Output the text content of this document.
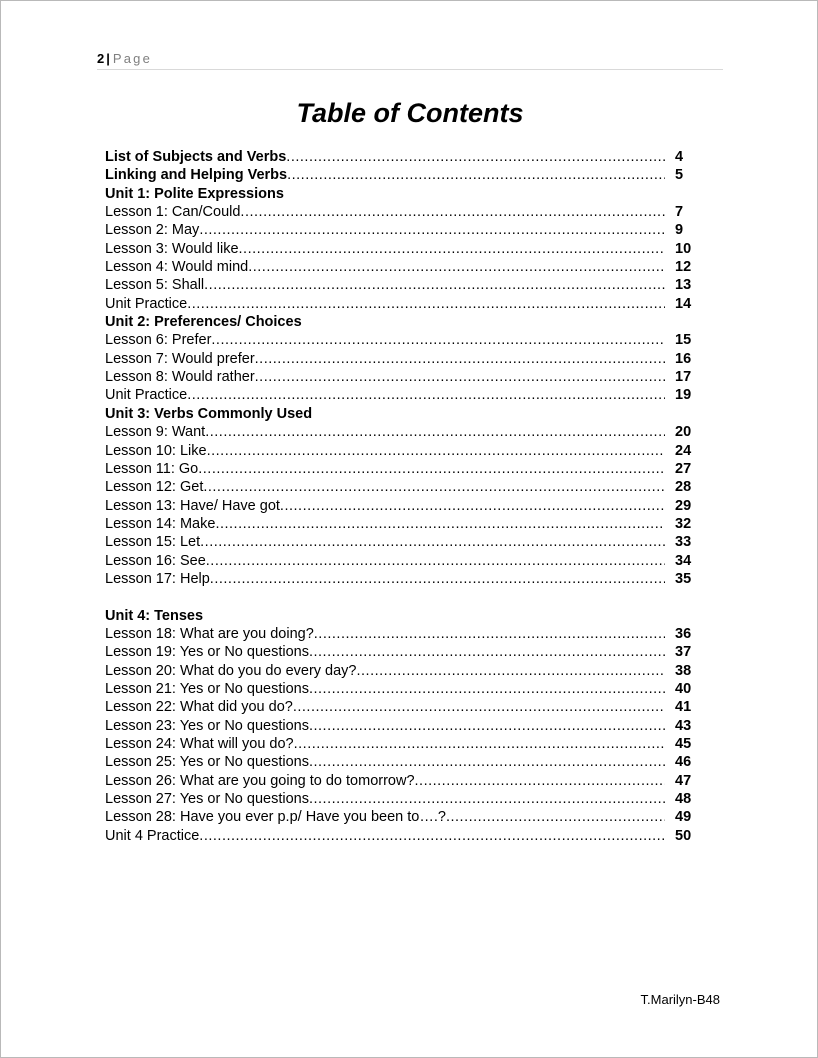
2 | Page
Table of Contents
List of Subjects and Verbs .....	4
Linking and Helping Verbs .....	5
Unit 1: Polite Expressions
Lesson 1: Can/Could .....	7
Lesson 2: May .....	9
Lesson 3: Would like .....	10
Lesson 4: Would mind .....	12
Lesson 5: Shall .....	13
Unit Practice .....	14
Unit 2: Preferences/ Choices
Lesson 6: Prefer .....	15
Lesson 7: Would prefer .....	16
Lesson 8: Would rather .....	17
Unit Practice .....	19
Unit 3: Verbs Commonly Used
Lesson 9: Want .....	20
Lesson 10: Like .....	24
Lesson 11: Go .....	27
Lesson 12: Get .....	28
Lesson 13: Have/ Have got .....	29
Lesson 14: Make .....	32
Lesson 15: Let .....	33
Lesson 16: See .....	34
Lesson 17: Help .....	35
Unit 4: Tenses
Lesson 18: What are you doing? .....	36
Lesson 19: Yes or No questions .....	37
Lesson 20: What do you do every day? .....	38
Lesson 21: Yes or No questions .....	40
Lesson 22: What did you do? .....	41
Lesson 23: Yes or No questions .....	43
Lesson 24: What will you do? .....	45
Lesson 25: Yes or No questions .....	46
Lesson 26: What are you going to do tomorrow? .....	47
Lesson 27: Yes or No questions .....	48
Lesson 28: Have you ever p.p/ Have you been to….? .....	49
Unit 4 Practice .....	50
T.Marilyn-B48
